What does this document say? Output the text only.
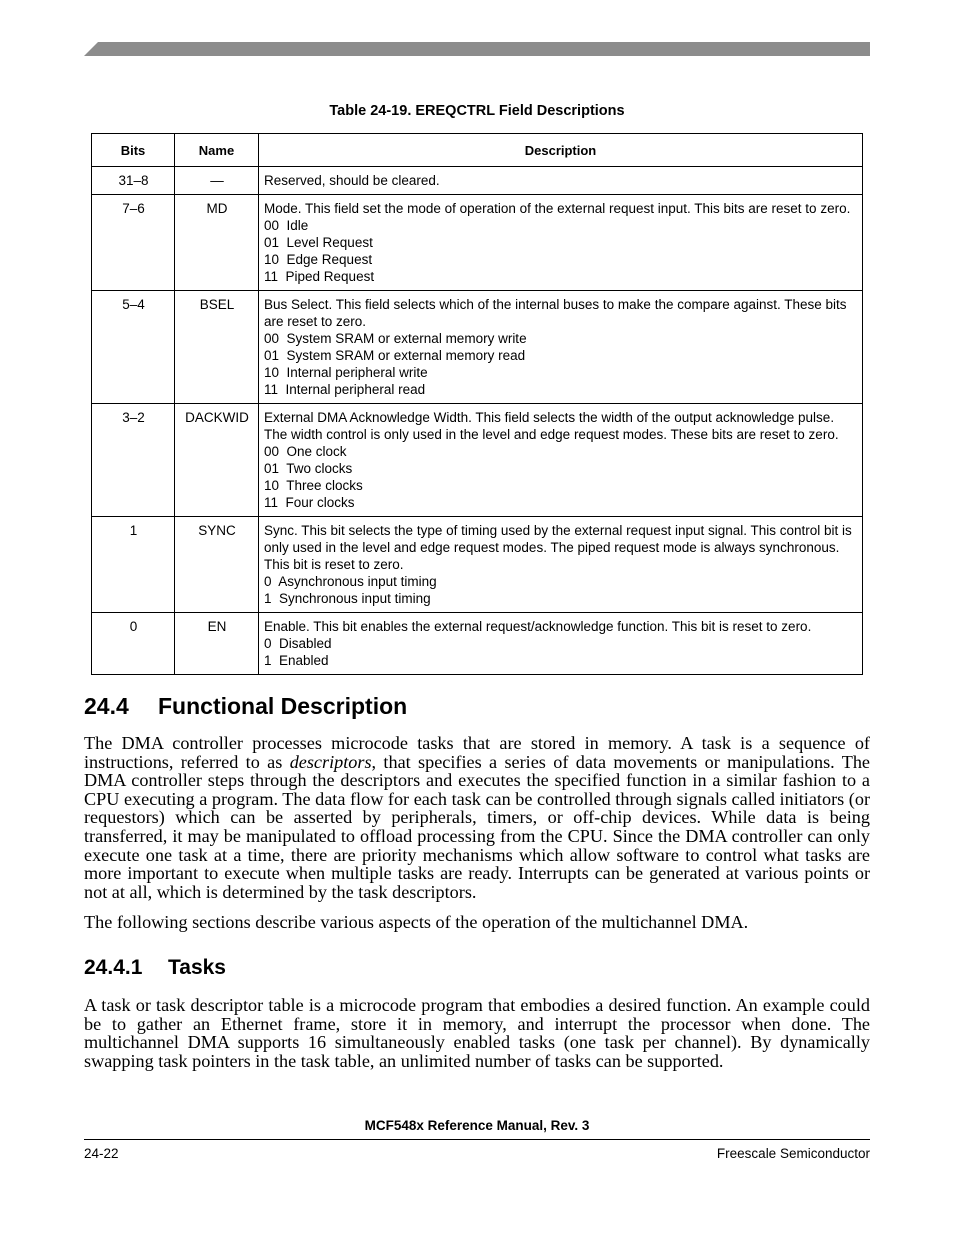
Table 24-19. EREQCTRL Field Descriptions
Bits	Name	Description
31–8	—	Reserved, should be cleared.

7–6	MD	Mode. This field set the mode of operation of the external request input. This bits are reset to zero.
00  Idle
01  Level Request
10  Edge Request
11  Piped Request

5–4	BSEL	Bus Select. This field selects which of the internal buses to make the compare against. These bits are reset to zero.
00  System SRAM or external memory write
01  System SRAM or external memory read
10  Internal peripheral write
11  Internal peripheral read

3–2	DACKWID	External DMA Acknowledge Width. This field selects the width of the output acknowledge pulse. The width control is only used in the level and edge request modes. These bits are reset to zero.
00  One clock
01  Two clocks
10  Three clocks
11  Four clocks

1	SYNC	Sync. This bit selects the type of timing used by the external request input signal. This control bit is only used in the level and edge request modes. The piped request mode is always synchronous. This bit is reset to zero.
0  Asynchronous input timing
1  Synchronous input timing

0	EN	Enable. This bit enables the external request/acknowledge function. This bit is reset to zero.
0  Disabled
1  Enabled
24.4 Functional Description

The DMA controller processes microcode tasks that are stored in memory. A task is a sequence of instructions, referred to as descriptors, that specifies a series of data movements or manipulations. The DMA controller steps through the descriptors and executes the specified function in a similar fashion to a CPU executing a program. The data flow for each task can be controlled through signals called initiators (or requestors) which can be asserted by peripherals, timers, or off-chip devices. While data is being transferred, it may be manipulated to offload processing from the CPU. Since the DMA controller can only execute one task at a time, there are priority mechanisms which allow software to control what tasks are more important to execute when multiple tasks are ready. Interrupts can be generated at various points or not at all, which is determined by the task descriptors.

The following sections describe various aspects of the operation of the multichannel DMA.

24.4.1 Tasks

A task or task descriptor table is a microcode program that embodies a desired function. An example could be to gather an Ethernet frame, store it in memory, and interrupt the processor when done. The multichannel DMA supports 16 simultaneously enabled tasks (one task per channel). By dynamically swapping task pointers in the task table, an unlimited number of tasks can be supported.

MCF548x Reference Manual, Rev. 3
24-22	Freescale Semiconductor
